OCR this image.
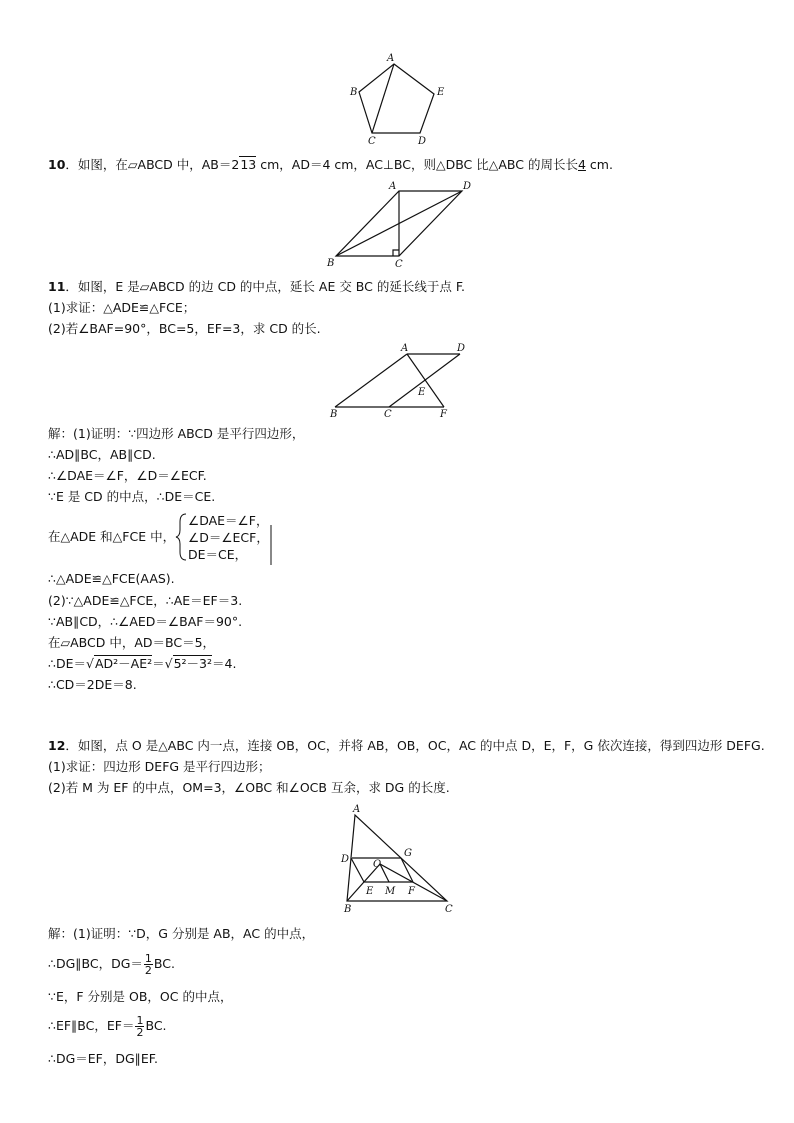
A
B	E
C	D
10．如图，在▱ABCD 中，AB＝213 cm，AD＝4 cm，AC⊥BC，则△DBC 比△ABC 的周长长4 cm.
A	D
B	C
11．如图，E 是▱ABCD 的边 CD 的中点，延长 AE 交 BC 的延长线于点 F.
(1)求证：△ADE≌△FCE；
(2)若∠BAF=90°，BC=5，EF=3，求 CD 的长.
A	D
E
B	C	F
解：(1)证明：∵四边形 ABCD 是平行四边形，
∴AD∥BC，AB∥CD.
∴∠DAE＝∠F，∠D＝∠ECF.
∵E 是 CD 的中点，∴DE＝CE.
在△ADE 和△FCE 中，
∠DAE＝∠F，
∠D＝∠ECF，
DE＝CE，
∴△ADE≌△FCE(AAS).
(2)∵△ADE≌△FCE，∴AE＝EF＝3.
∵AB∥CD，∴∠AED＝∠BAF＝90°.
在▱ABCD 中，AD＝BC＝5，
∴DE＝√AD²－AE²＝√5²－3²＝4.
∴CD＝2DE＝8.
12．如图，点 O 是△ABC 内一点，连接 OB，OC，并将 AB，OB，OC，AC 的中点 D，E，F，G 依次连接，得到四边形 DEFG.
(1)求证：四边形 DEFG 是平行四边形；
(2)若 M 为 EF 的中点，OM=3，∠OBC 和∠OCB 互余，求 DG 的长度.
A
D
G
O
E M F
B	C
解：(1)证明：∵D，G 分别是 AB，AC 的中点，
∴DG∥BC，$DG= \frac{1}{2}$ BC.
∵E，F 分别是 OB，OC 的中点，
∴EF∥BC，$EF= \frac{1}{2}$ BC.
∴DG＝EF，DG∥EF.
